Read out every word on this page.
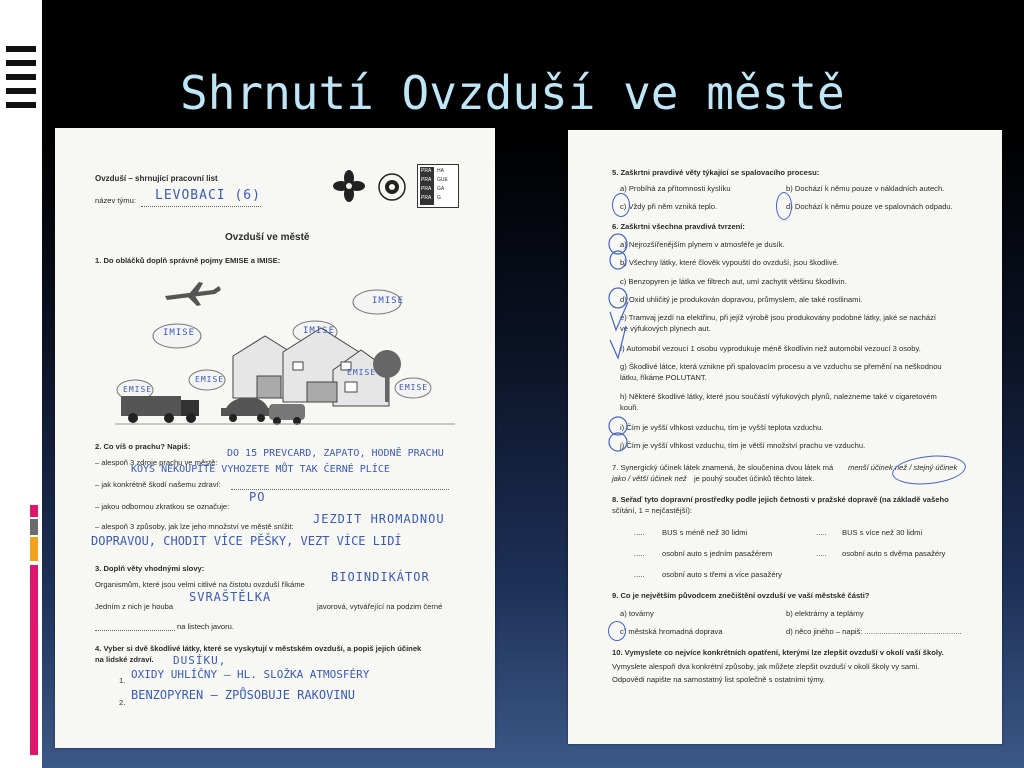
Shrnutí Ovzduší ve městě
Ovzduší – shrnující pracovní list
název týmu: LEVOBACI (6)
PRA HA
PRA GUE
PRA GA
PRA G
Ovzduší ve městě
1. Do obláčků doplň správně pojmy EMISE a IMISE:
IMISE
IMISE
IMISE
EMISE
EMISE
EMISE
EMISE
2. Co víš o prachu? Napiš:
– alespoň 3 zdroje prachu ve městě:
DO 15 PREVCARD, ZAPATO, HODNĚ PRACHU
KOYS NEKOUPÍTE VYHOZETE MŮT TAK ČERNÉ PLÍCE
– jak konkrétně škodí našemu zdraví:
– jakou odbornou zkratkou se označuje:
PO
– alespoň 3 způsoby, jak lze jeho množství ve městě snížit:
JEZDIT HROMADNOU
DOPRAVOU, CHODIT VÍCE PĚŠKY, VEZT VÍCE LIDÍ
3. Doplň věty vhodnými slovy:
Organismům, které jsou velmi citlivé na čistotu ovzduší říkáme
BIOINDIKÁTOR
Jedním z nich je houba
SVRAŠTĚLKA
javorová, vytvářející na podzim černé
na listech javoru.
4. Vyber si dvě škodlivé látky, které se vyskytují v městském ovzduší, a popiš jejich účinek
na lidské zdraví. DUSÍKU,
1. OXIDY UHLÍČNY – HL. SLOŽKA ATMOSFÉRY
2.
BENZOPYREN – ZPŮSOBUJE RAKOVINU
5. Zaškrtni pravdivé věty týkající se spalovacího procesu:
a) Probíhá za přítomnosti kyslíku	b) Dochází k němu pouze v nákladních autech.
c) Vždy při něm vzniká teplo.	d) Dochází k němu pouze ve spalovnách odpadu.
6. Zaškrtni všechna pravdivá tvrzení:
a) Nejrozšířenějším plynem v atmosféře je dusík.
b) Všechny látky, které člověk vypouští do ovzduší, jsou škodlivé.
c) Benzopyren je látka ve filtrech aut, umí zachytit většinu škodlivin.
d) Oxid uhličitý je produkován dopravou, průmyslem, ale také rostlinami.
e) Tramvaj jezdí na elektřinu, při jejíž výrobě jsou produkovány podobné látky, jaké se nachází
ve výfukových plynech aut.
f) Automobil vezoucí 1 osobu vyprodukuje méně škodlivin než automobil vezoucí 3 osoby.
g) Škodlivé látce, která vznikne při spalovacím procesu a ve vzduchu se přemění na neškodnou
látku, říkáme POLUTANT.
h) Některé škodlivé látky, které jsou součástí výfukových plynů, nalezneme také v cigaretovém
kouři.
i) Čím je vyšší vlhkost vzduchu, tím je vyšší teplota vzduchu.
j) Čím je vyšší vlhkost vzduchu, tím je větší množství prachu ve vzduchu.
7. Synergický účinek látek znamená, že sloučenina dvou látek má menší účinek než / stejný účinek
jako / větší účinek než je pouhý součet účinků těchto látek.
8. Seřaď tyto dopravní prostředky podle jejich četnosti v pražské dopravě (na základě vašeho
sčítání, 1 = nejčastější):
..... BUS s méně než 30 lidmi	..... BUS s více než 30 lidmi
..... osobní auto s jedním pasažérem	..... osobní auto s dvěma pasažéry
..... osobní auto s třemi a více pasažéry
9. Co je největším původcem znečištění ovzduší ve vaší městské části?
a) továrny	b) elektrárny a teplárny
c) městská hromadná doprava	d) něco jiného – napiš: ..............................................
10. Vymyslete co nejvíce konkrétních opatření, kterými lze zlepšit ovzduší v okolí vaší školy.
Vymyslete alespoň dva konkrétní způsoby, jak můžete zlepšit ovzduší v okolí školy vy sami.
Odpovědi napište na samostatný list společně s ostatními týmy.
